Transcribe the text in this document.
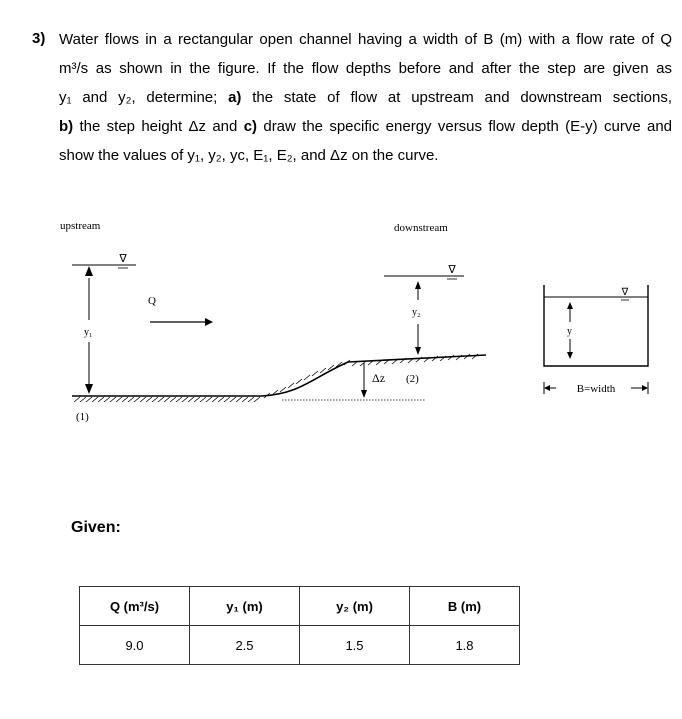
3) Water flows in a rectangular open channel having a width of B (m) with a flow rate of Q
m³/s as shown in the figure. If the flow depths before and after the step are given as
y₁ and y₂, determine; a) the state of flow at upstream and downstream sections,
b) the step height Δz and c) draw the specific energy versus flow depth (E-y) curve and
show the values of y₁, y₂, yc, E₁, E₂, and Δz on the curve.
upstream	downstream
∇
y₁
Q
(1)
Δz (2)
∇
y₂
∇
y
B=width
Given:
Q (m³/s)	y₁ (m)	y₂ (m)	B (m)
9.0	2.5	1.5	1.8
